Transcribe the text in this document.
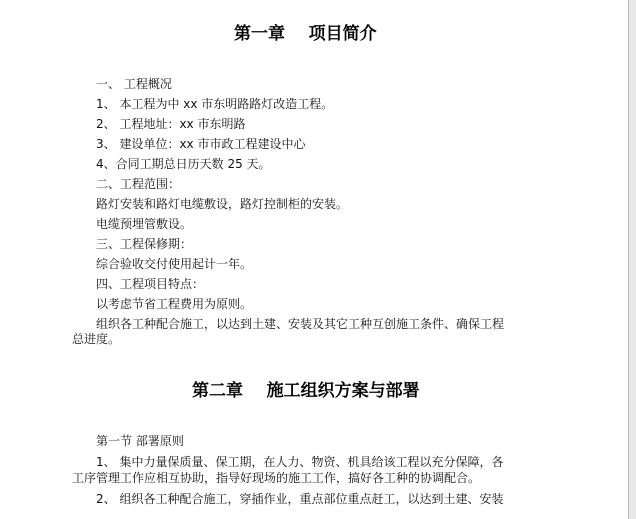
第一章    项目简介

一、 工程概况

1、 本工程为中 xx 市东明路路灯改造工程。

2、 工程地址：xx 市东明路

3、 建设单位：xx 市市政工程建设中心

4、合同工期总日历天数 25 天。

二、工程范围：

路灯安装和路灯电缆敷设，路灯控制柜的安装。

电缆预埋管敷设。

三、工程保修期：

综合验收交付使用起计一年。

四、工程项目特点：

以考虑节省工程费用为原则。

组织各工种配合施工，以达到土建、安装及其它工种互创施工条件、确保工程

总进度。

第二章    施工组织方案与部署

第一节 部署原则

1、 集中力量保质量、保工期，在人力、物资、机具给该工程以充分保障，各

工序管理工作应相互协助，指导好现场的施工工作，搞好各工种的协调配合。

2、 组织各工种配合施工，穿插作业，重点部位重点赶工，以达到土建、安装
